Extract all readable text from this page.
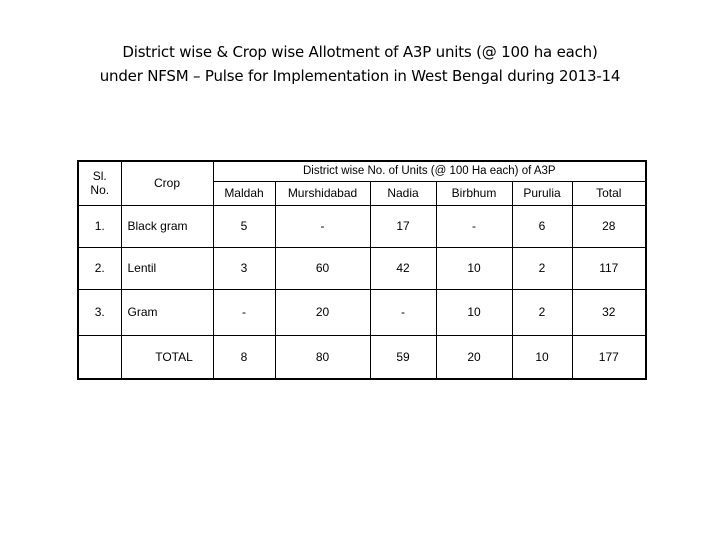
District wise & Crop wise Allotment of A3P units (@ 100 ha each)
under NFSM – Pulse for Implementation in West Bengal during 2013-14
Sl. No.	Crop	District wise No. of Units (@ 100 Ha each) of A3P					
		Maldah	Murshidabad	Nadia	Birbhum	Purulia	Total
1.	Black gram	5	-	17	-	6	28
2.	Lentil	3	60	42	10	2	117
3.	Gram	-	20	-	10	2	32
	TOTAL	8	80	59	20	10	177
